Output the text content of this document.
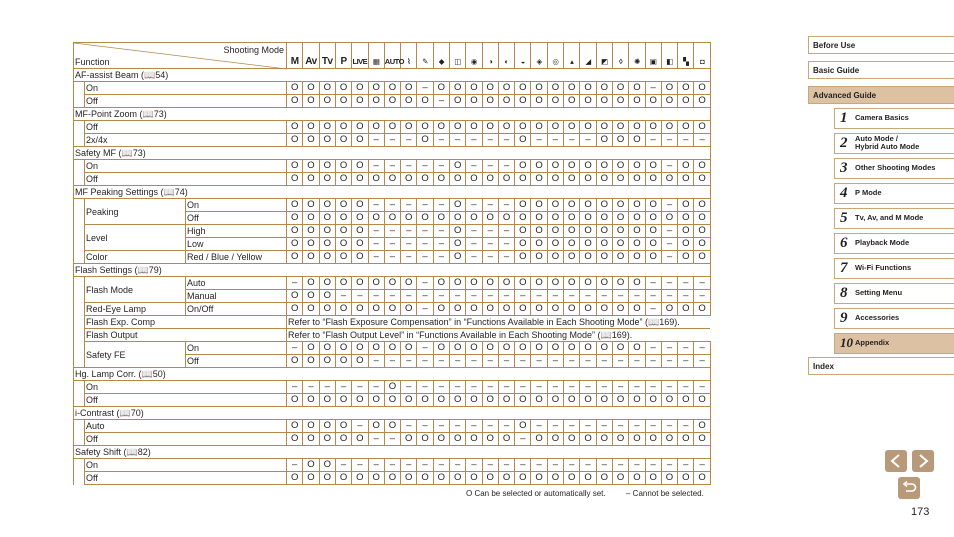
Shooting Mode
Function			M	Av	Tv	P	LIVE	▦	AUTO	⌇	✎	◆	◫	◉	◑	◐	◒	◈	◎	▴	◢	◩	◊	✺	▣	◧	▚	◘
AF-assist Beam (📖54)																												
	On		O	O	O	O	O	O	O	O	–	O	O	O	O	O	O	O	O	O	O	O	O	O	–	O	O	O
	Off		O	O	O	O	O	O	O	O	O	–	O	O	O	O	O	O	O	O	O	O	O	O	O	O	O	O
MF-Point Zoom (📖73)																												
	Off		O	O	O	O	O	O	O	O	O	O	O	O	O	O	O	O	O	O	O	O	O	O	O	O	O	O
	2x/4x		O	O	O	O	O	–	–	–	O	–	–	–	–	–	O	–	–	–	–	O	O	O	–	–	–	–
Safety MF (📖73)																												
	On		O	O	O	O	O	–	–	–	–	–	O	–	–	–	O	O	O	O	O	O	O	O	O	–	O	O
	Off		O	O	O	O	O	O	O	O	O	O	O	O	O	O	O	O	O	O	O	O	O	O	O	O	O	O
MF Peaking Settings (📖74)																												
	Peaking	On	O	O	O	O	O	–	–	–	–	–	O	–	–	–	O	O	O	O	O	O	O	O	O	–	O	O
		Off	O	O	O	O	O	O	O	O	O	O	O	O	O	O	O	O	O	O	O	O	O	O	O	O	O	O
	Level	High	O	O	O	O	O	–	–	–	–	–	O	–	–	–	O	O	O	O	O	O	O	O	O	–	O	O
		Low	O	O	O	O	O	–	–	–	–	–	O	–	–	–	O	O	O	O	O	O	O	O	O	–	O	O
	Color	Red / Blue / Yellow	O	O	O	O	O	–	–	–	–	–	O	–	–	–	O	O	O	O	O	O	O	O	O	–	O	O
Flash Settings (📖79)																												
	Flash Mode	Auto	–	O	O	O	O	O	O	O	–	O	O	O	O	O	O	O	O	O	O	O	O	O	–	–	–	–
		Manual	O	O	O	–	–	–	–	–	–	–	–	–	–	–	–	–	–	–	–	–	–	–	–	–	–	–
	Red-Eye Lamp	On/Off	O	O	O	O	O	O	O	O	–	O	O	O	O	O	O	O	O	O	O	O	O	O	–	O	O	O
	Flash Exp. Comp		Refer to “Flash Exposure Compensation” in “Functions Available in Each Shooting Mode” (📖169).																									
	Flash Output		Refer to “Flash Output Level” in “Functions Available in Each Shooting Mode” (📖169).																									
	Safety FE	On	–	O	O	O	O	O	O	O	–	O	O	O	O	O	O	O	O	O	O	O	O	O	–	–	–	–
		Off	O	O	O	O	O	–	–	–	–	–	–	–	–	–	–	–	–	–	–	–	–	–	–	–	–	–
Hg. Lamp Corr. (📖50)																												
	On		–	–	–	–	–	–	O	–	–	–	–	–	–	–	–	–	–	–	–	–	–	–	–	–	–	–
	Off		O	O	O	O	O	O	O	O	O	O	O	O	O	O	O	O	O	O	O	O	O	O	O	O	O	O
i-Contrast (📖70)																												
	Auto		O	O	O	O	–	O	O	–	–	–	–	–	–	–	O	–	–	–	–	–	–	–	–	–	–	O
	Off		O	O	O	O	O	–	–	O	O	O	O	O	O	O	–	O	O	O	O	O	O	O	O	O	O	O
Safety Shift (📖82)																												
	On		–	O	O	–	–	–	–	–	–	–	–	–	–	–	–	–	–	–	–	–	–	–	–	–	–	–
	Off		O	O	O	O	O	O	O	O	O	O	O	O	O	O	O	O	O	O	O	O	O	O	O	O	O	O
O Can be selected or automatically set.	– Cannot be selected.
Before Use
Basic Guide
Advanced Guide
1 Camera Basics
2 Auto Mode /
Hybrid Auto Mode
3 Other Shooting Modes
4 P Mode
5 Tv, Av, and M Mode
6 Playback Mode
7 Wi-Fi Functions
8 Setting Menu
9 Accessories
10 Appendix
Index
173
